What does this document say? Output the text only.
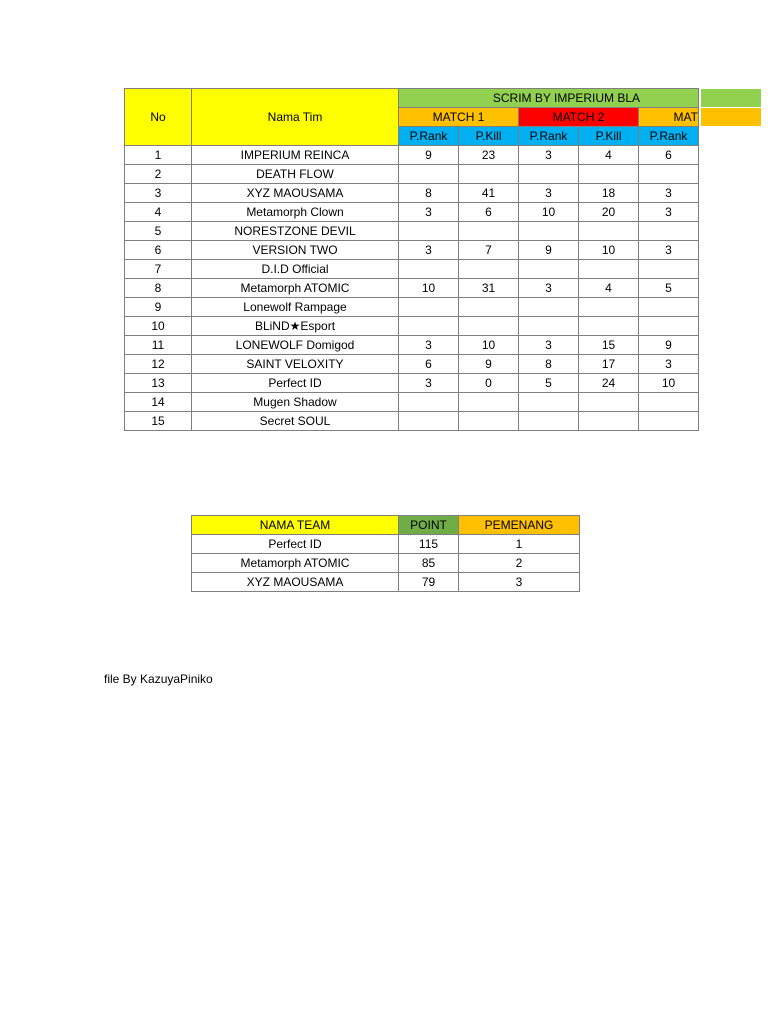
No	Nama Tim	SCRIM BY IMPERIUM BLA				
		MATCH 1		MATCH 2		MAT
		P.Rank	P.Kill	P.Rank	P.Kill	P.Rank
1	IMPERIUM REINCA	9	23	3	4	6
2	DEATH FLOW					
3	XYZ MAOUSAMA	8	41	3	18	3
4	Metamorph Clown	3	6	10	20	3
5	NORESTZONE DEVIL					
6	VERSION TWO	3	7	9	10	3
7	D.I.D Official					
8	Metamorph ATOMIC	10	31	3	4	5
9	Lonewolf Rampage					
10	BLiND★Esport					
11	LONEWOLF Domigod	3	10	3	15	9
12	SAINT VELOXITY	6	9	8	17	3
13	Perfect ID	3	0	5	24	10
14	Mugen Shadow					
15	Secret SOUL					
NAMA TEAM	POINT	PEMENANG
Perfect ID	115	1
Metamorph ATOMIC	85	2
XYZ MAOUSAMA	79	3
file By KazuyaPiniko
